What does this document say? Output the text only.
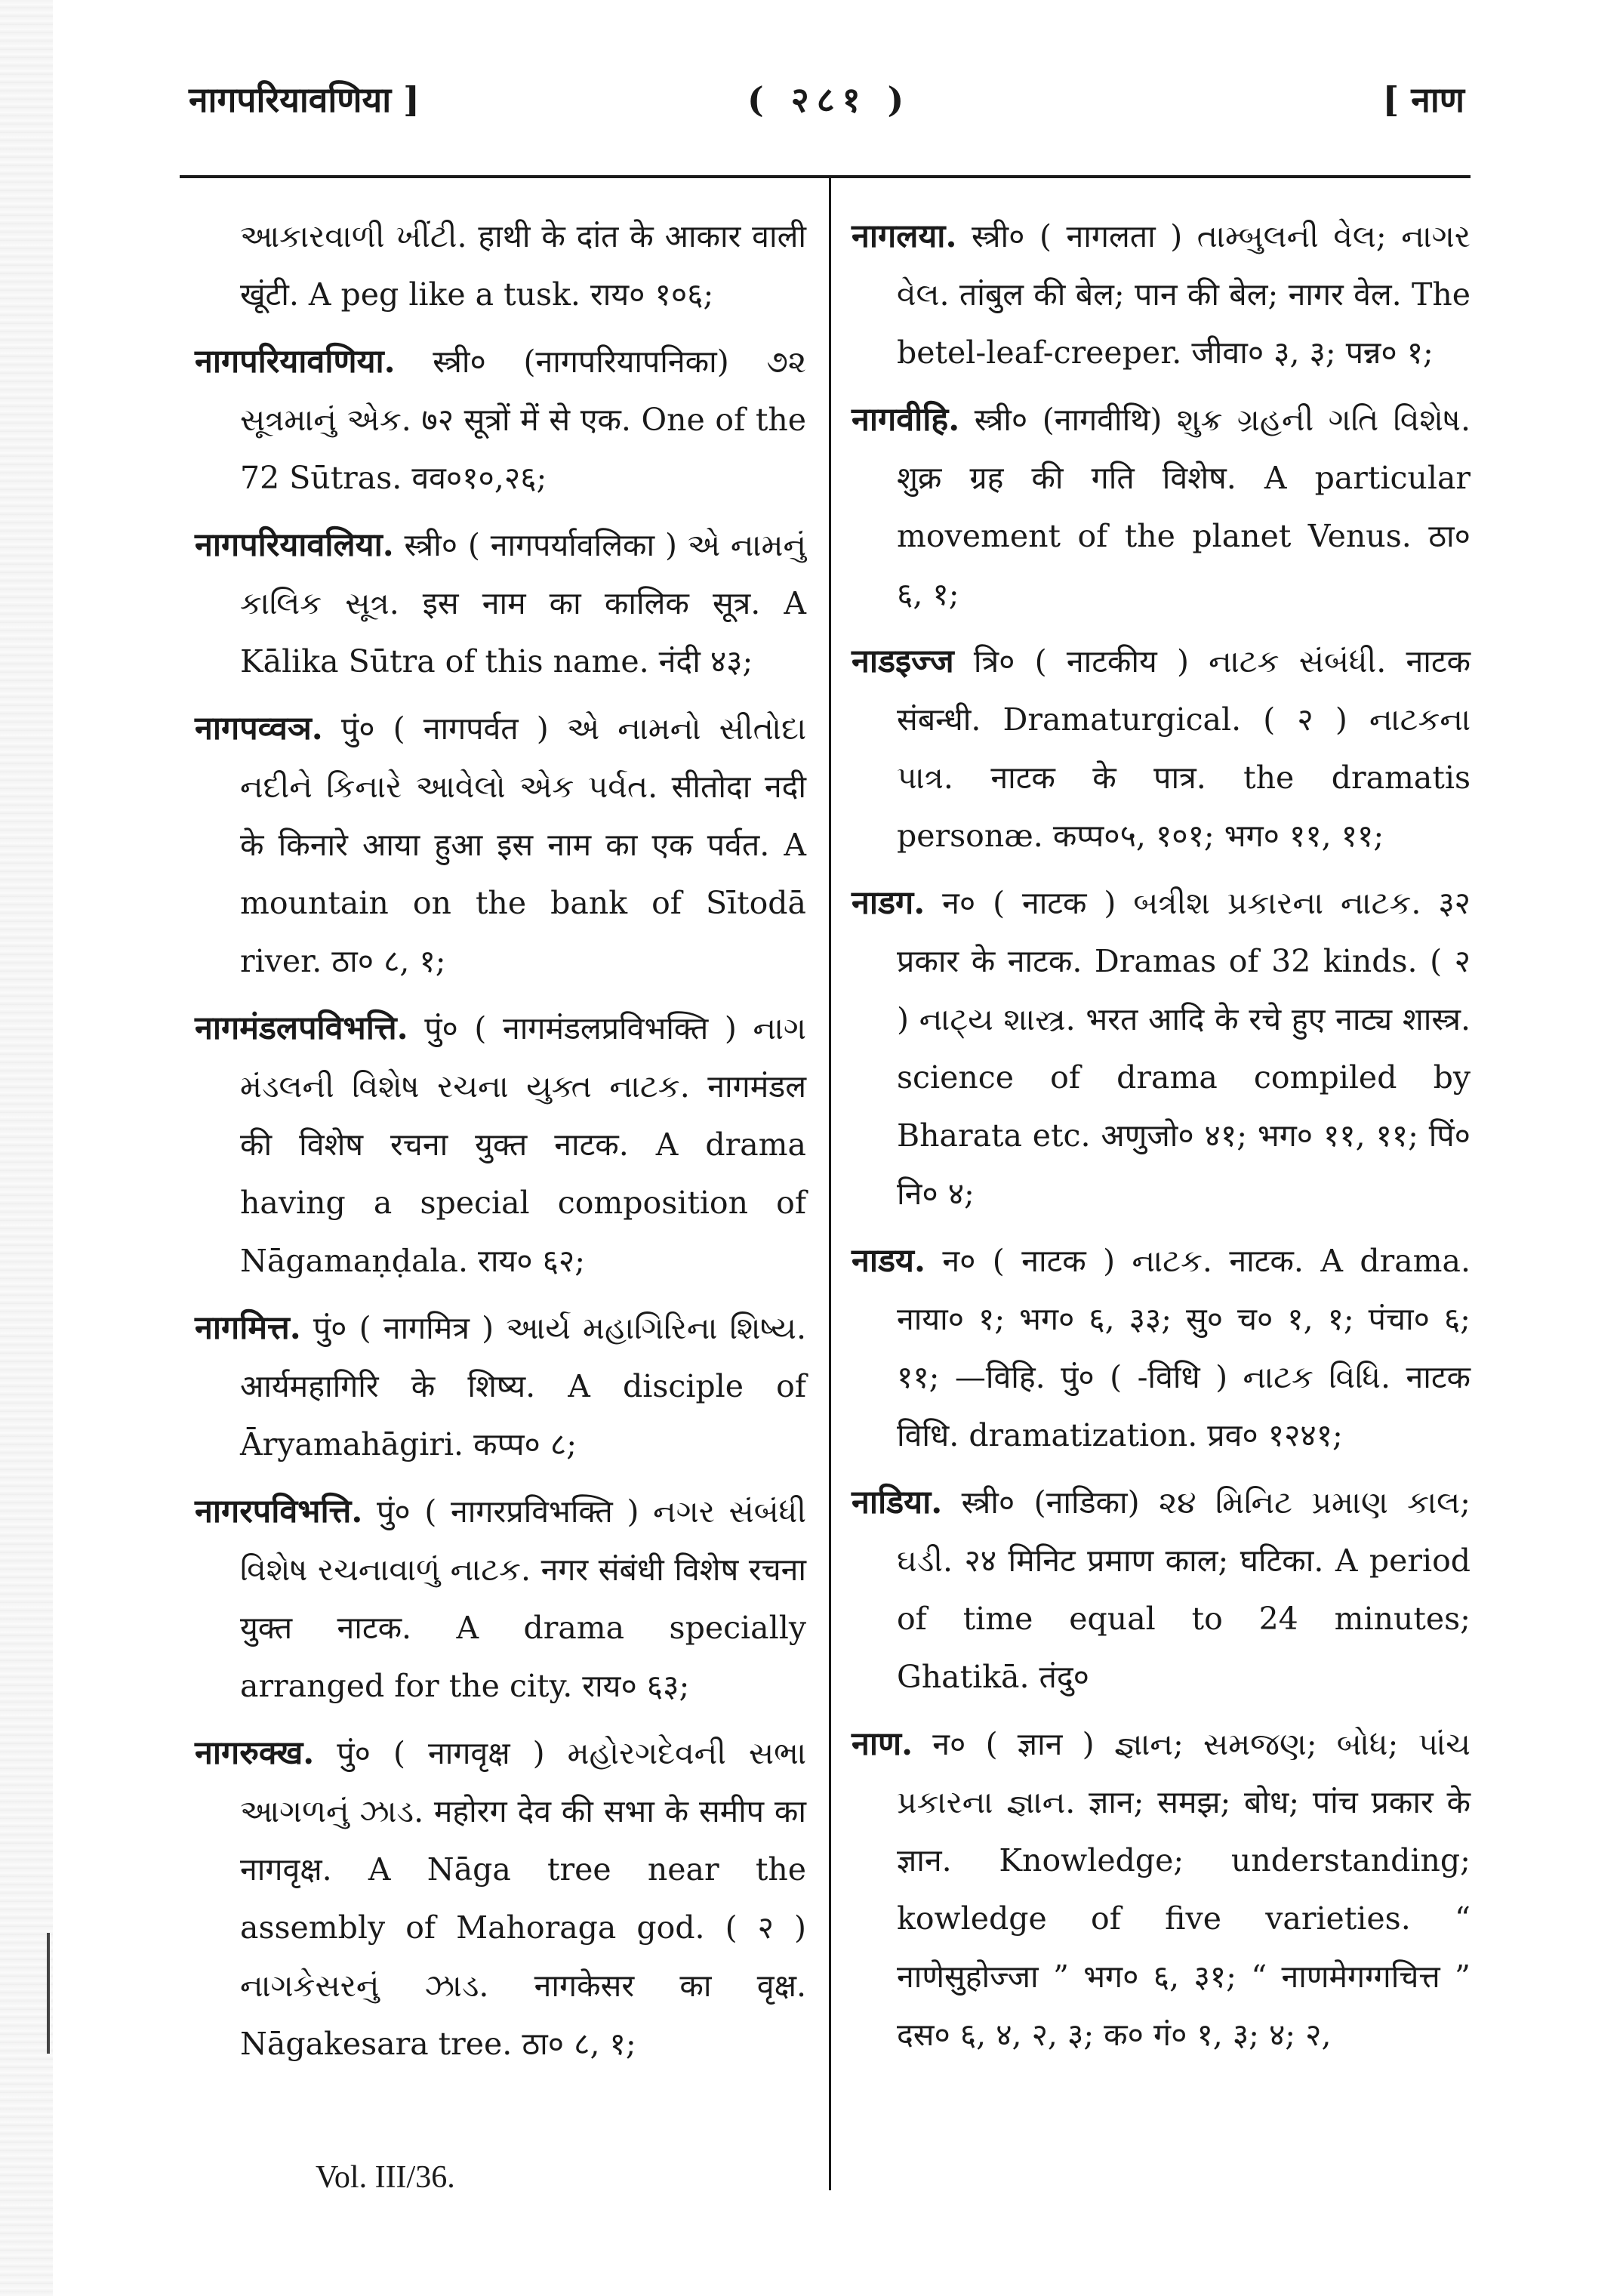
नागपरियावणिया ]	( २८१ )	[ नाण

આકારવાળી ખીંટી. हाथी के दांत के आकार वाली खूंटी. A peg like a tusk. राय० १०६;

नागपरियावणिया. स्त्री० (नागपरियापनिका) ૭૨ સૂત્રમાનું એક. ७२ सूत्रों में से एक. One of the 72 Sūtras. वव०१०,२६;

नागपरियावलिया. स्त्री० ( नागपर्यावलिका ) એ નામનું કાલિક સૂત્ર. इस नाम का कालिक सूत्र. A Kālika Sūtra of this name. नंदी ४३;

नागपव्वञ. पुं० ( नागपर्वत ) એ નામનો સીતોદા નદીને કિનારે આવેલો એક પર્વત. सीतोदा नदी के किनारे आया हुआ इस नाम का एक पर्वत. A mountain on the bank of Sītodā river. ठा० ८, १;

नागमंडलपविभत्ति. पुं० ( नागमंडलप्रविभक्ति ) નાગ મંડલની વિશેષ રચના યુક્ત નાટક. नागमंडल की विशेष रचना युक्त नाटक. A drama having a special composition of Nāgamaṇḍala. राय० ६२;

नागमित्त. पुं० ( नागमित्र ) આર્ય મહાગિરિના શિષ્ય. आर्यमहागिरि के शिष्य. A disciple of Āryamahāgiri. कप्प० ८;

नागरपविभत्ति. पुं० ( नागरप्रविभक्ति ) નગર સંબંધી વિશેષ રચનાવાળું નાટક. नगर संबंधी विशेष रचना युक्त नाटक. A drama specially arranged for the city. राय० ६३;

नागरुक्ख. पुं० ( नागवृक्ष ) મહોરગદેવની સભા આગળનું ઝાડ. महोरग देव की सभा के समीप का नागवृक्ष. A Nāga tree near the assembly of Mahoraga god. ( २ ) નાગકેસરનું ઝાડ. नागकेसर का वृक्ष. Nāgakesara tree. ठा० ८, १;

नागलया. स्त्री० ( नागलता ) તામ્બુલની વેલ; નાગર વેલ. तांबुल की बेल; पान की बेल; नागर वेल. The betel-leaf-creeper. जीवा० ३, ३; पन्न० १;

नागवीहि. स्त्री० (नागवीथि) શુક્ર ગ્રહની ગતિ વિશેષ. शुक्र ग्रह की गति विशेष. A particular movement of the planet Venus. ठा० ६, १;

नाडइज्ज त्रि० ( नाटकीय ) નાટક સંબંધી. नाटक संबन्धी. Dramaturgical. ( २ ) નાટકના પાત્ર. नाटक के पात्र. the dramatis personæ. कप्प०५, १०१; भग० ११, ११;

नाडग. न० ( नाटक ) બત્રીશ પ્રકારના નાટક. ३२ प्रकार के नाटक. Dramas of 32 kinds. ( २ ) નાટ્ય શાસ્ત્ર. भरत आदि के रचे हुए नाट्य शास्त्र. science of drama compiled by Bharata etc. अणुजो० ४१; भग० ११, ११; पिं० नि० ४;

नाडय. न० ( नाटक ) નાટક. नाटक. A drama. नाया० १; भग० ६, ३३; सु० च० १, १; पंचा० ६; ११; —विहि. पुं० ( -विधि ) નાટક વિધિ. नाटक विधि. dramatization. प्रव० १२४१;

नाडिया. स्त्री० (नाडिका) ૨૪ મિનિટ પ્રમાણ કાલ; ઘડી. २४ मिनिट प्रमाण काल; घटिका. A period of time equal to 24 minutes; Ghatikā. तंदु०

नाण. न० ( ज्ञान ) જ્ઞાન; સમજણ; બોધ; પાંચ પ્રકારના જ્ઞાન. ज्ञान; समझ; बोध; पांच प्रकार के ज्ञान. Knowledge; understanding; kowledge of five varieties. “ नाणेसुहोज्जा ” भग० ६, ३१; “ नाणमेगग्गचित्त ” दस० ६, ४, २, ३; क० गं० १, ३; ४; २,

Vol. III/36.
